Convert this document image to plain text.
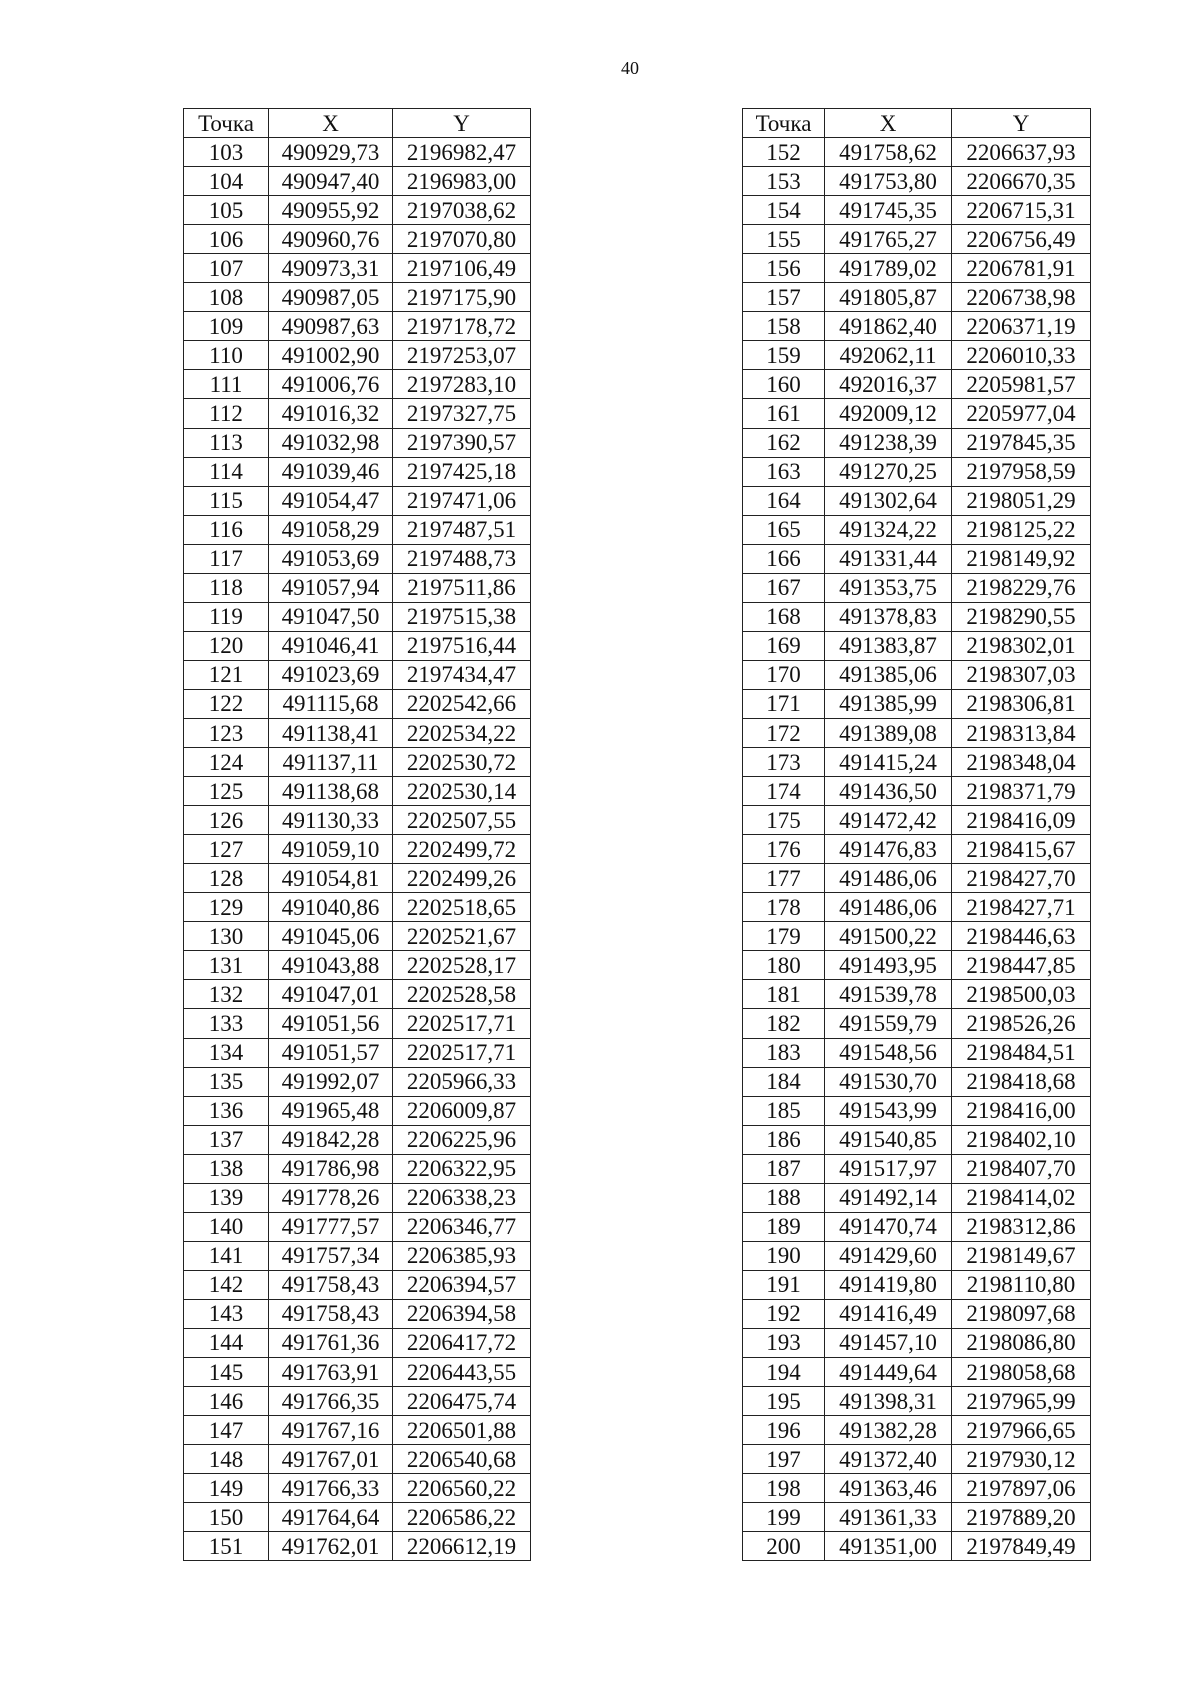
40
Точка	X	Y
103	490929,73	2196982,47
104	490947,40	2196983,00
105	490955,92	2197038,62
106	490960,76	2197070,80
107	490973,31	2197106,49
108	490987,05	2197175,90
109	490987,63	2197178,72
110	491002,90	2197253,07
111	491006,76	2197283,10
112	491016,32	2197327,75
113	491032,98	2197390,57
114	491039,46	2197425,18
115	491054,47	2197471,06
116	491058,29	2197487,51
117	491053,69	2197488,73
118	491057,94	2197511,86
119	491047,50	2197515,38
120	491046,41	2197516,44
121	491023,69	2197434,47
122	491115,68	2202542,66
123	491138,41	2202534,22
124	491137,11	2202530,72
125	491138,68	2202530,14
126	491130,33	2202507,55
127	491059,10	2202499,72
128	491054,81	2202499,26
129	491040,86	2202518,65
130	491045,06	2202521,67
131	491043,88	2202528,17
132	491047,01	2202528,58
133	491051,56	2202517,71
134	491051,57	2202517,71
135	491992,07	2205966,33
136	491965,48	2206009,87
137	491842,28	2206225,96
138	491786,98	2206322,95
139	491778,26	2206338,23
140	491777,57	2206346,77
141	491757,34	2206385,93
142	491758,43	2206394,57
143	491758,43	2206394,58
144	491761,36	2206417,72
145	491763,91	2206443,55
146	491766,35	2206475,74
147	491767,16	2206501,88
148	491767,01	2206540,68
149	491766,33	2206560,22
150	491764,64	2206586,22
151	491762,01	2206612,19
Точка	X	Y
152	491758,62	2206637,93
153	491753,80	2206670,35
154	491745,35	2206715,31
155	491765,27	2206756,49
156	491789,02	2206781,91
157	491805,87	2206738,98
158	491862,40	2206371,19
159	492062,11	2206010,33
160	492016,37	2205981,57
161	492009,12	2205977,04
162	491238,39	2197845,35
163	491270,25	2197958,59
164	491302,64	2198051,29
165	491324,22	2198125,22
166	491331,44	2198149,92
167	491353,75	2198229,76
168	491378,83	2198290,55
169	491383,87	2198302,01
170	491385,06	2198307,03
171	491385,99	2198306,81
172	491389,08	2198313,84
173	491415,24	2198348,04
174	491436,50	2198371,79
175	491472,42	2198416,09
176	491476,83	2198415,67
177	491486,06	2198427,70
178	491486,06	2198427,71
179	491500,22	2198446,63
180	491493,95	2198447,85
181	491539,78	2198500,03
182	491559,79	2198526,26
183	491548,56	2198484,51
184	491530,70	2198418,68
185	491543,99	2198416,00
186	491540,85	2198402,10
187	491517,97	2198407,70
188	491492,14	2198414,02
189	491470,74	2198312,86
190	491429,60	2198149,67
191	491419,80	2198110,80
192	491416,49	2198097,68
193	491457,10	2198086,80
194	491449,64	2198058,68
195	491398,31	2197965,99
196	491382,28	2197966,65
197	491372,40	2197930,12
198	491363,46	2197897,06
199	491361,33	2197889,20
200	491351,00	2197849,49
